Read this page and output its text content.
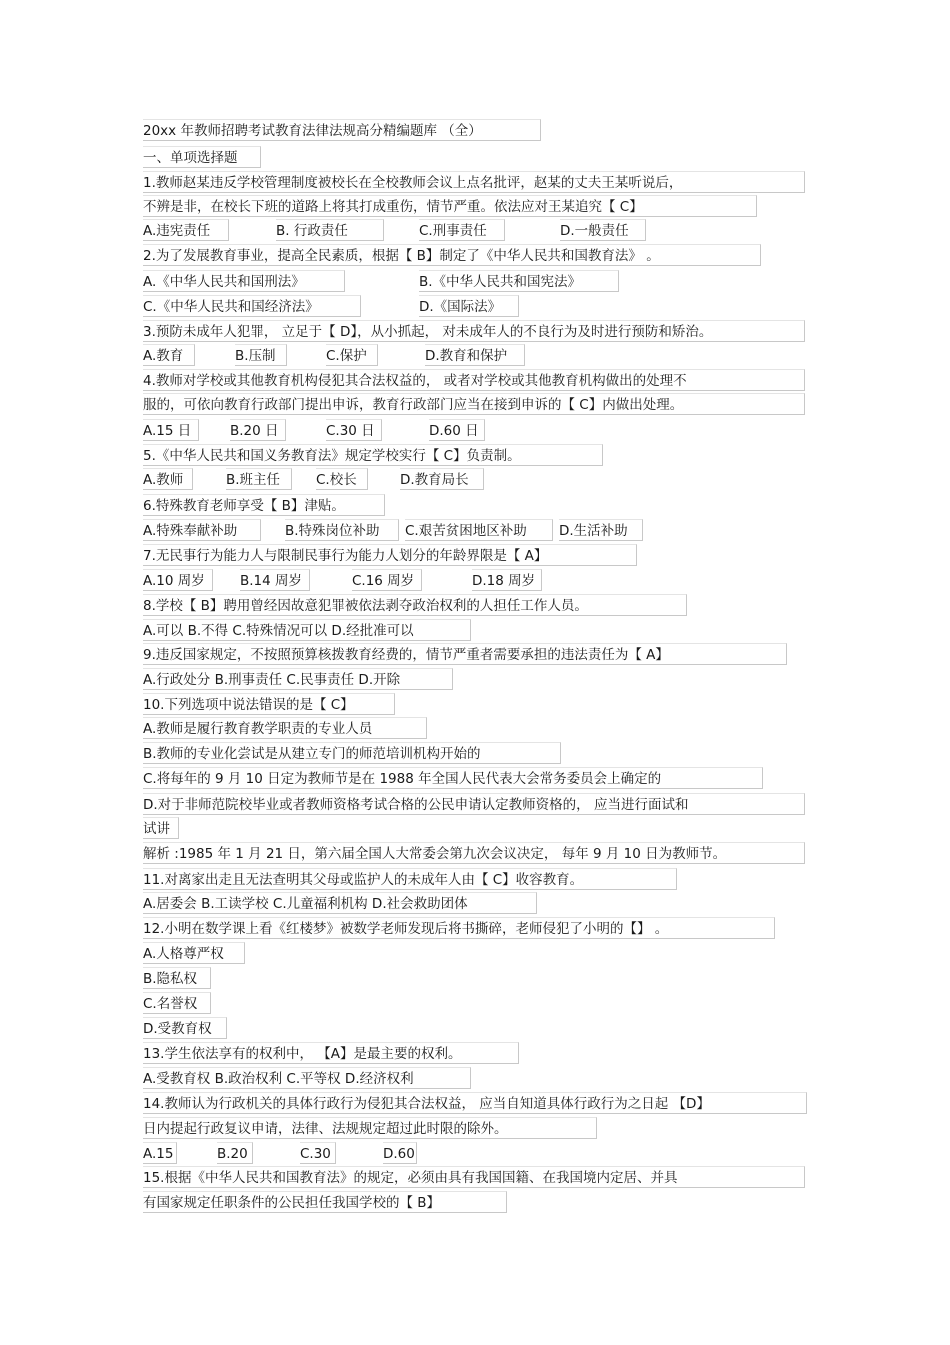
20xx 年教师招聘考试教育法律法规高分精编题库 （全）
一、单项选择题
1.教师赵某违反学校管理制度被校长在全校教师会议上点名批评，赵某的丈夫王某听说后，
不辨是非，在校长下班的道路上将其打成重伤，情节严重。依法应对王某追究【 C】
A.违宪责任	B. 行政责任	C.刑事责任	D.一般责任
2.为了发展教育事业，提高全民素质，根据【 B】制定了《中华人民共和国教育法》 。
A.《中华人民共和国刑法》	B.《中华人民共和国宪法》
C.《中华人民共和国经济法》	D.《国际法》
3.预防未成年人犯罪， 立足于【 D】，从小抓起， 对未成年人的不良行为及时进行预防和矫治。
A.教育	B.压制	C.保护	D.教育和保护
4.教师对学校或其他教育机构侵犯其合法权益的， 或者对学校或其他教育机构做出的处理不
服的，可依向教育行政部门提出申诉，教育行政部门应当在接到申诉的【 C】内做出处理。
A.15 日	B.20 日	C.30 日	D.60 日
5.《中华人民共和国义务教育法》规定学校实行【 C】负责制。
A.教师	B.班主任	C.校长	D.教育局长
6.特殊教育老师享受【 B】津贴。
A.特殊奉献补助	B.特殊岗位补助	C.艰苦贫困地区补助	D.生活补助
7.无民事行为能力人与限制民事行为能力人划分的年龄界限是【 A】
A.10 周岁	B.14 周岁	C.16 周岁	D.18 周岁
8.学校【 B】聘用曾经因故意犯罪被依法剥夺政治权利的人担任工作人员。
A.可以 B.不得 C.特殊情况可以 D.经批准可以
9.违反国家规定，不按照预算核拨教育经费的，情节严重者需要承担的违法责任为【 A】
A.行政处分 B.刑事责任 C.民事责任 D.开除
10.下列选项中说法错误的是【 C】
A.教师是履行教育教学职责的专业人员
B.教师的专业化尝试是从建立专门的师范培训机构开始的
C.将每年的 9 月 10 日定为教师节是在 1988 年全国人民代表大会常务委员会上确定的
D.对于非师范院校毕业或者教师资格考试合格的公民申请认定教师资格的， 应当进行面试和
试讲
解析 :1985 年 1 月 21 日，第六届全国人大常委会第九次会议决定， 每年 9 月 10 日为教师节。
11.对离家出走且无法查明其父母或监护人的未成年人由【 C】收容教育。
A.居委会 B.工读学校 C.儿童福利机构 D.社会救助团体
12.小明在数学课上看《红楼梦》被数学老师发现后将书撕碎，老师侵犯了小明的【】 。
A.人格尊严权
B.隐私权
C.名誉权
D.受教育权
13.学生依法享有的权利中， 【A】是最主要的权利。
A.受教育权 B.政治权利 C.平等权 D.经济权利
14.教师认为行政机关的具体行政行为侵犯其合法权益， 应当自知道具体行政行为之日起 【D】
日内提起行政复议申请，法律、法规规定超过此时限的除外。
A.15	B.20	C.30	D.60
15.根据《中华人民共和国教育法》的规定，必须由具有我国国籍、在我国境内定居、并具
有国家规定任职条件的公民担任我国学校的【 B】
